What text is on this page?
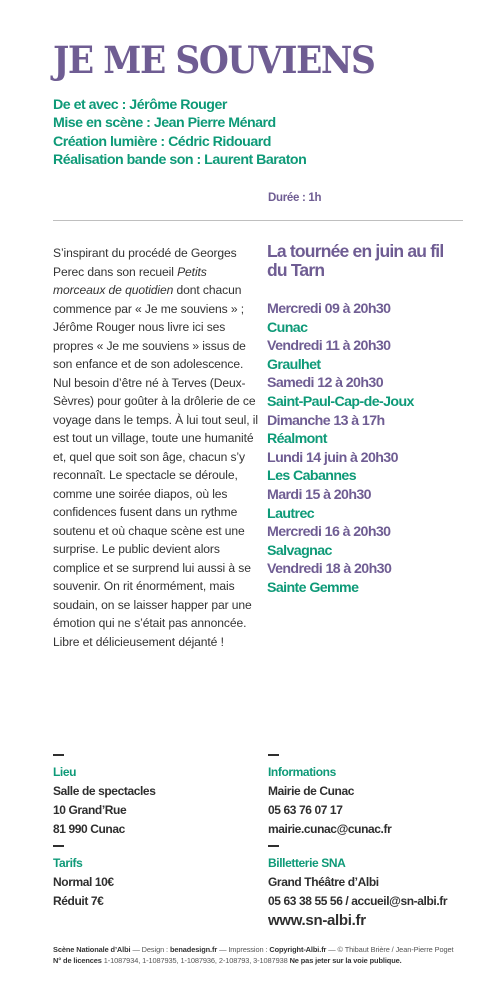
JE ME SOUVIENS
De et avec : Jérôme Rouger
Mise en scène : Jean Pierre Ménard
Création lumière : Cédric Ridouard
Réalisation bande son : Laurent Baraton
Durée : 1h
S’inspirant du procédé de Georges Perec dans son recueil Petits morceaux de quotidien dont chacun commence par « Je me souviens » ; Jérôme Rouger nous livre ici ses propres « Je me souviens » issus de son enfance et de son adolescence.
Nul besoin d’être né à Terves (Deux-Sèvres) pour goûter à la drôlerie de ce voyage dans le temps. À lui tout seul, il est tout un village, toute une humanité et, quel que soit son âge, chacun s’y reconnaît. Le spectacle se déroule, comme une soirée diapos, où les confidences fusent dans un rythme soutenu et où chaque scène est une surprise. Le public devient alors complice et se surprend lui aussi à se souvenir. On rit énormément, mais soudain, on se laisser happer par une émotion qui ne s’était pas annoncée.
Libre et délicieusement déjanté !
La tournée en juin au fil du Tarn
Mercredi 09 à 20h30
Cunac
Vendredi 11 à 20h30
Graulhet
Samedi 12 à 20h30
Saint-Paul-Cap-de-Joux
Dimanche 13 à 17h
Réalmont
Lundi 14 juin à 20h30
Les Cabannes
Mardi 15 à 20h30
Lautrec
Mercredi 16 à 20h30
Salvagnac
Vendredi 18 à 20h30
Sainte Gemme
Lieu
Salle de spectacles
10 Grand’Rue
81 990 Cunac
Tarifs
Normal 10€
Réduit 7€
Informations
Mairie de Cunac
05 63 76 07 17
mairie.cunac@cunac.fr
Billetterie SNA
Grand Théâtre d’Albi
05 63 38 55 56 / accueil@sn-albi.fr
www.sn-albi.fr
Scène Nationale d’Albi — Design : benadesign.fr — Impression : Copyright-Albi.fr — © Thibaut Brière / Jean-Pierre Poget
N° de licences 1-1087934, 1-1087935, 1-1087936, 2-108793, 3-1087938 Ne pas jeter sur la voie publique.
